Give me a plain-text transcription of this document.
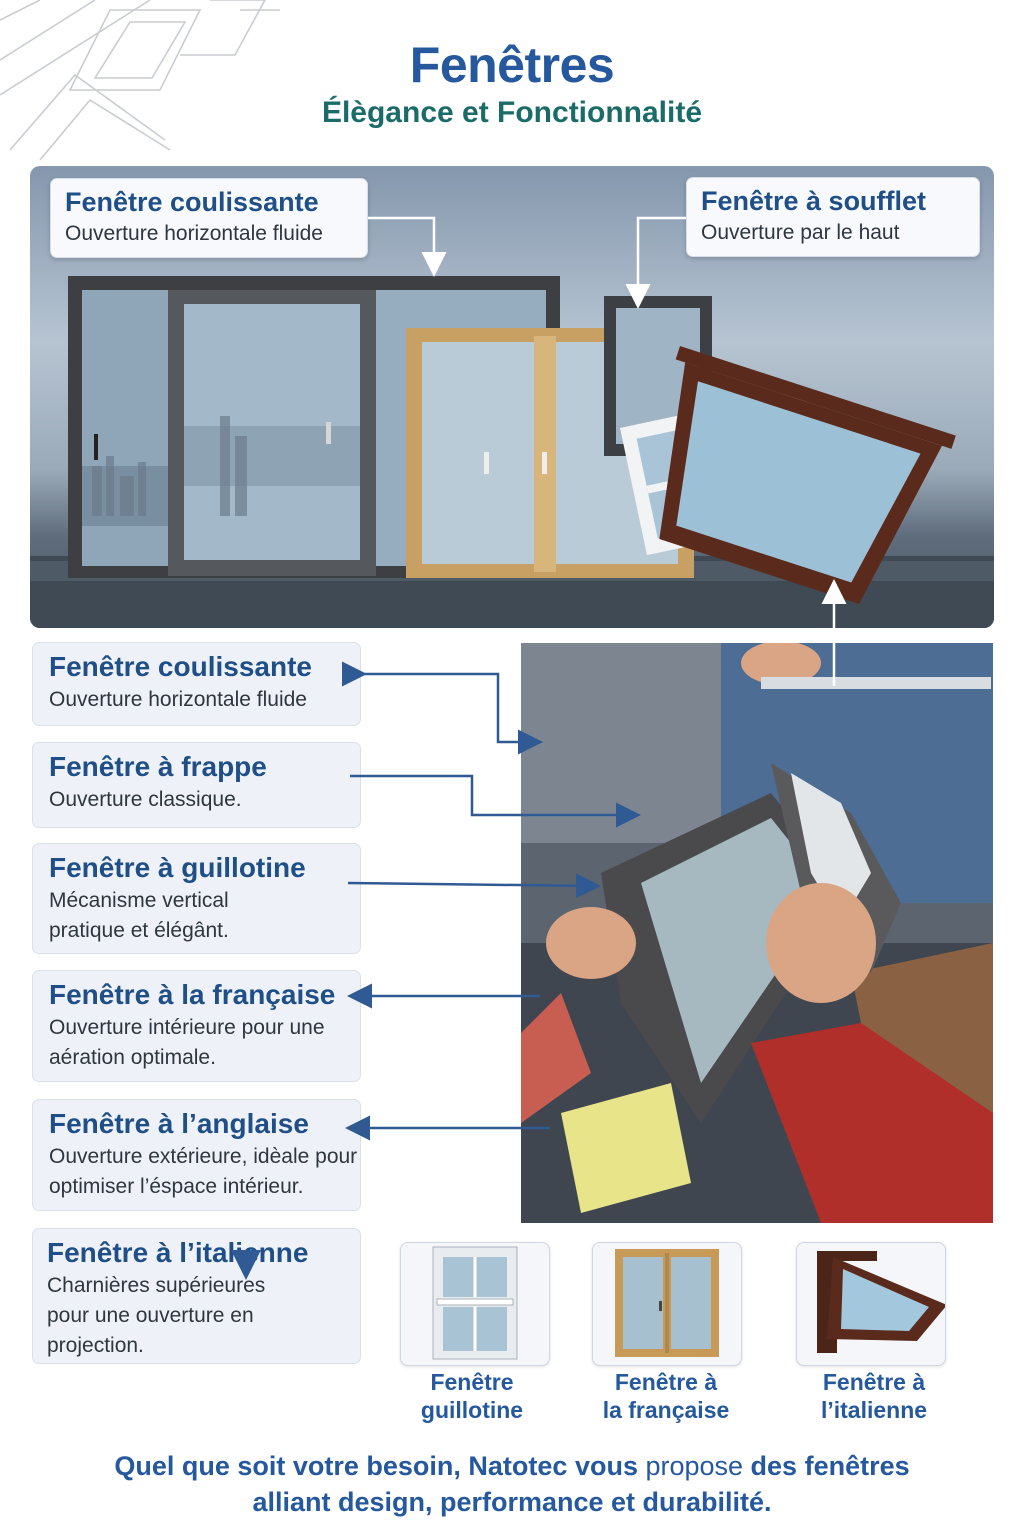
Fenêtres
Élègance et Fonctionnalité
Fenêtre coulissante
Ouverture horizontale fluide
Fenêtre à soufflet
Ouverture par le haut
Fenêtre coulissante
Ouverture horizontale fluide
Fenêtre à frappe
Ouverture classique.
Fenêtre à guillotine
Mécanisme vertical
pratique et élégânt.
Fenêtre à la française
Ouverture intérieure pour une
aération optimale.
Fenêtre à l’anglaise
Ouverture extérieure, idèale pour
optimiser l’éspace intérieur.
Fenêtre à l’italienne
Charnières supérieures
pour une ouverture en
projection.
Fenêtre
guillotine
Fenêtre à
la française
Fenêtre à
l’italienne
Quel que soit votre besoin, Natotec vous propose des fenêtres
alliant design, performance et durabilité.
